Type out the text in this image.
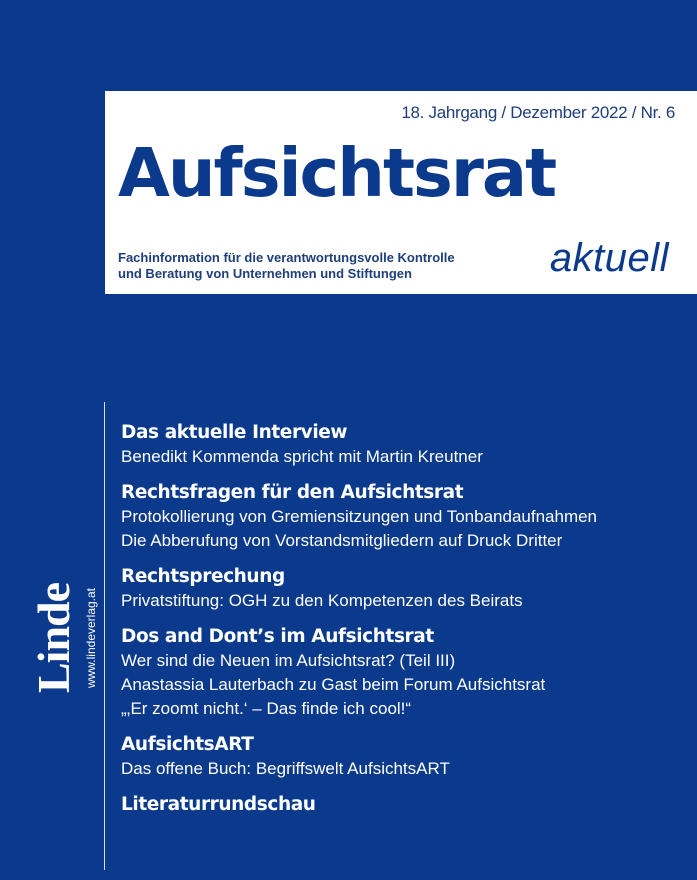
18. Jahrgang / Dezember 2022 / Nr. 6
Aufsichtsrat
Fachinformation für die verantwortungsvolle Kontrolle
und Beratung von Unternehmen und Stiftungen	aktuell
Linde www.lindeverlag.at
Das aktuelle Interview
Benedikt Kommenda spricht mit Martin Kreutner
Rechtsfragen für den Aufsichtsrat
Protokollierung von Gremiensitzungen und Tonbandaufnahmen
Die Abberufung von Vorstandsmitgliedern auf Druck Dritter
Rechtsprechung
Privatstiftung: OGH zu den Kompetenzen des Beirats
Dos and Dont’s im Aufsichtsrat
Wer sind die Neuen im Aufsichtsrat? (Teil III)
Anastassia Lauterbach zu Gast beim Forum Aufsichtsrat
„‚Er zoomt nicht.‘ – Das finde ich cool!“
AufsichtsART
Das offene Buch: Begriffswelt AufsichtsART
Literaturrundschau
